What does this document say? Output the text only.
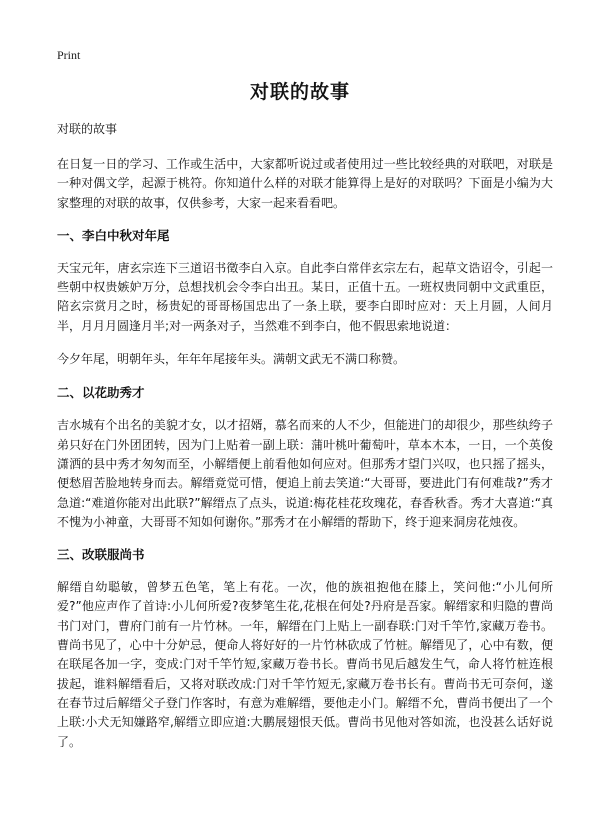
Print
对联的故事

对联的故事

在日复一日的学习、工作或生活中，大家都听说过或者使用过一些比较经典的对联吧，对联是一种对偶文学，起源于桃符。你知道什么样的对联才能算得上是好的对联吗？下面是小编为大家整理的对联的故事，仅供参考，大家一起来看看吧。

一、李白中秋对年尾

天宝元年，唐玄宗连下三道诏书徵李白入京。自此李白常伴玄宗左右，起草文诰诏令，引起一些朝中权贵嫉妒万分，总想找机会令李白出丑。某日，正值十五。一班权贵同朝中文武重臣，陪玄宗赏月之时，杨贵妃的哥哥杨国忠出了一条上联，要李白即时应对：天上月圆，人间月半，月月月圆逢月半;对一两条对子，当然难不到李白，他不假思索地说道：

今夕年尾，明朝年头，年年年尾接年头。满朝文武无不满口称赞。

二、以花助秀才

吉水城有个出名的美貌才女，以才招婿，慕名而来的人不少，但能进门的却很少，那些纨绔子弟只好在门外团团转，因为门上贴着一副上联：蒲叶桃叶葡萄叶，草本木本，一日，一个英俊潇洒的县中秀才匆匆而至，小解缙便上前看他如何应对。但那秀才望门兴叹，也只摇了摇头，便愁眉苦脸地转身而去。解缙竟觉可惜，便追上前去笑道:“大哥哥，要进此门有何难哉?”秀才急道:“难道你能对出此联?”解缙点了点头，说道:梅花桂花玫瑰花，春香秋香。秀才大喜道:“真不愧为小神童，大哥哥不知如何谢你。”那秀才在小解缙的帮助下，终于迎来洞房花烛夜。

三、改联服尚书

解缙自幼聪敏，曾梦五色笔，笔上有花。一次，他的族祖抱他在膝上，笑问他:“小儿何所爱?”他应声作了首诗:小儿何所爱?夜梦笔生花,花根在何处?丹府是吾家。解缙家和归隐的曹尚书门对门，曹府门前有一片竹林。一年，解缙在门上贴上一副春联:门对千竿竹,家藏万卷书。曹尚书见了，心中十分妒忌，便命人将好好的一片竹林砍成了竹桩。解缙见了，心中有数，便在联尾各加一字，变成:门对千竿竹短,家藏万卷书长。曹尚书见后越发生气，命人将竹桩连根拔起，谁料解缙看后，又将对联改成:门对千竿竹短无,家藏万卷书长有。曹尚书无可奈何，遂在春节过后解缙父子登门作客时，有意为难解缙，要他走小门。解缙不允，曹尚书便出了一个上联:小犬无知嫌路窄,解缙立即应道:大鹏展翅恨天低。曹尚书见他对答如流，也没甚么话好说了。
